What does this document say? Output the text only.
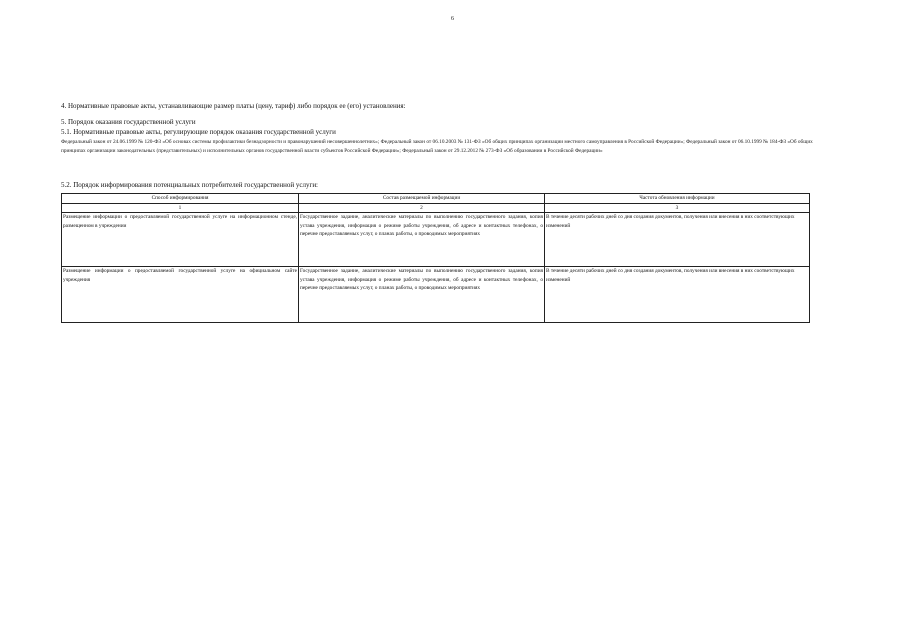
6
4. Нормативные правовые акты, устанавливающие размер платы (цену, тариф) либо порядок ее (его) установления:
5. Порядок оказания государственной услуги
5.1. Нормативные правовые акты, регулирующие порядок оказания государственной услуги
Федеральный закон от 24.06.1999 № 120-ФЗ «Об основах системы профилактики безнадзорности и правонарушений несовершеннолетних»; Федеральный закон от 06.10.2003 № 131-ФЗ «Об общих принципах организации местного самоуправления в Российской Федерации»; Федеральный закон от 06.10.1999 № 184-ФЗ «Об общих принципах организации законодательных (представительных) и исполнительных органов государственной власти субъектов Российской Федерации»; Федеральный закон от 29.12.2012 № 273-ФЗ «Об образовании в Российской Федерации»
5.2. Порядок информирования потенциальных потребителей государственной услуги:
Способ информирования	Состав размещаемой информации	Частота обновления информации
1	2	3
Размещение информации о предоставляемой государственной услуге на информационном стенде, размещенном в учреждении	Государственное задание, аналитические материалы по выполнению государственного задания, копия устава учреждения, информация о режиме работы учреждения, об адресе и контактных телефонах, о перечне предоставляемых услуг, о планах работы, о проводимых мероприятиях	В течение десяти рабочих дней со дня создания документов, получения или внесения в них соответствующих изменений
Размещение информации о предоставляемой государственной услуге на официальном сайте учреждения	Государственное задание, аналитические материалы по выполнению государственного задания, копия устава учреждения, информация о режиме работы учреждения, об адресе и контактных телефонах, о перечне предоставляемых услуг, о планах работы, о проводимых мероприятиях	В течение десяти рабочих дней со дня создания документов, получения или внесения в них соответствующих изменений
